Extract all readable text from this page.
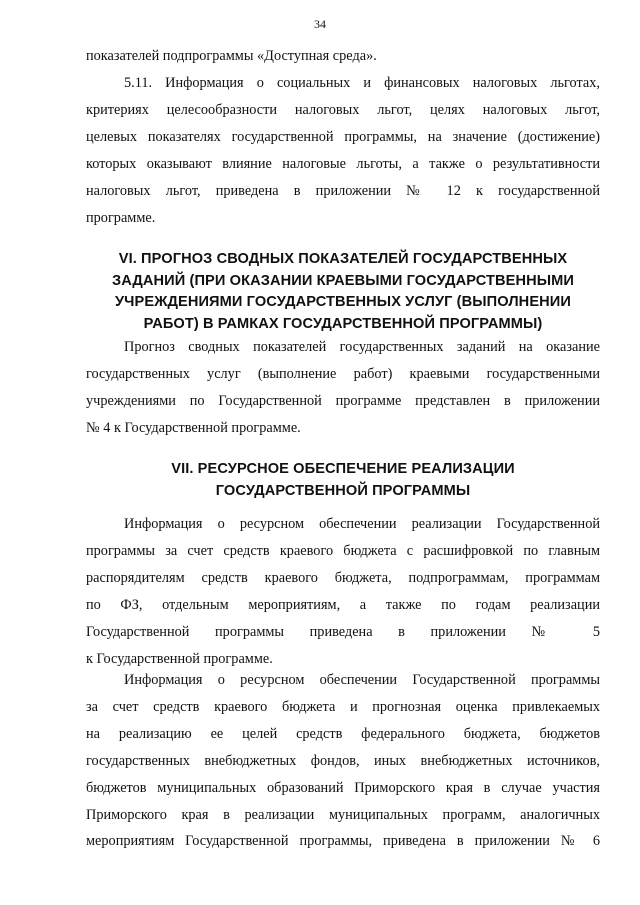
34
показателей подпрограммы «Доступная среда».
5.11. Информация о социальных и финансовых налоговых льготах,
критериях целесообразности налоговых льгот, целях налоговых льгот,
целевых показателях государственной программы, на значение (достижение)
которых оказывают влияние налоговые льготы, а также о результативности
налоговых льгот, приведена в приложении № 12 к государственной
программе.
VI. ПРОГНОЗ СВОДНЫХ ПОКАЗАТЕЛЕЙ ГОСУДАРСТВЕННЫХ
ЗАДАНИЙ (ПРИ ОКАЗАНИИ КРАЕВЫМИ ГОСУДАРСТВЕННЫМИ
УЧРЕЖДЕНИЯМИ ГОСУДАРСТВЕННЫХ УСЛУГ (ВЫПОЛНЕНИИ
РАБОТ) В РАМКАХ ГОСУДАРСТВЕННОЙ ПРОГРАММЫ)
Прогноз сводных показателей государственных заданий на оказание
государственных услуг (выполнение работ) краевыми государственными
учреждениями по Государственной программе представлен в приложении
№ 4 к Государственной программе.
VII. РЕСУРСНОЕ ОБЕСПЕЧЕНИЕ РЕАЛИЗАЦИИ
ГОСУДАРСТВЕННОЙ ПРОГРАММЫ
Информация о ресурсном обеспечении реализации Государственной
программы за счет средств краевого бюджета с расшифровкой по главным
распорядителям средств краевого бюджета, подпрограммам, программам
по ФЗ, отдельным мероприятиям, а также по годам реализации
Государственной программы приведена в приложении № 5
к Государственной программе.
Информация о ресурсном обеспечении Государственной программы
за счет средств краевого бюджета и прогнозная оценка привлекаемых
на реализацию ее целей средств федерального бюджета, бюджетов
государственных внебюджетных фондов, иных внебюджетных источников,
бюджетов муниципальных образований Приморского края в случае участия
Приморского края в реализации муниципальных программ, аналогичных
мероприятиям Государственной программы, приведена в приложении № 6
